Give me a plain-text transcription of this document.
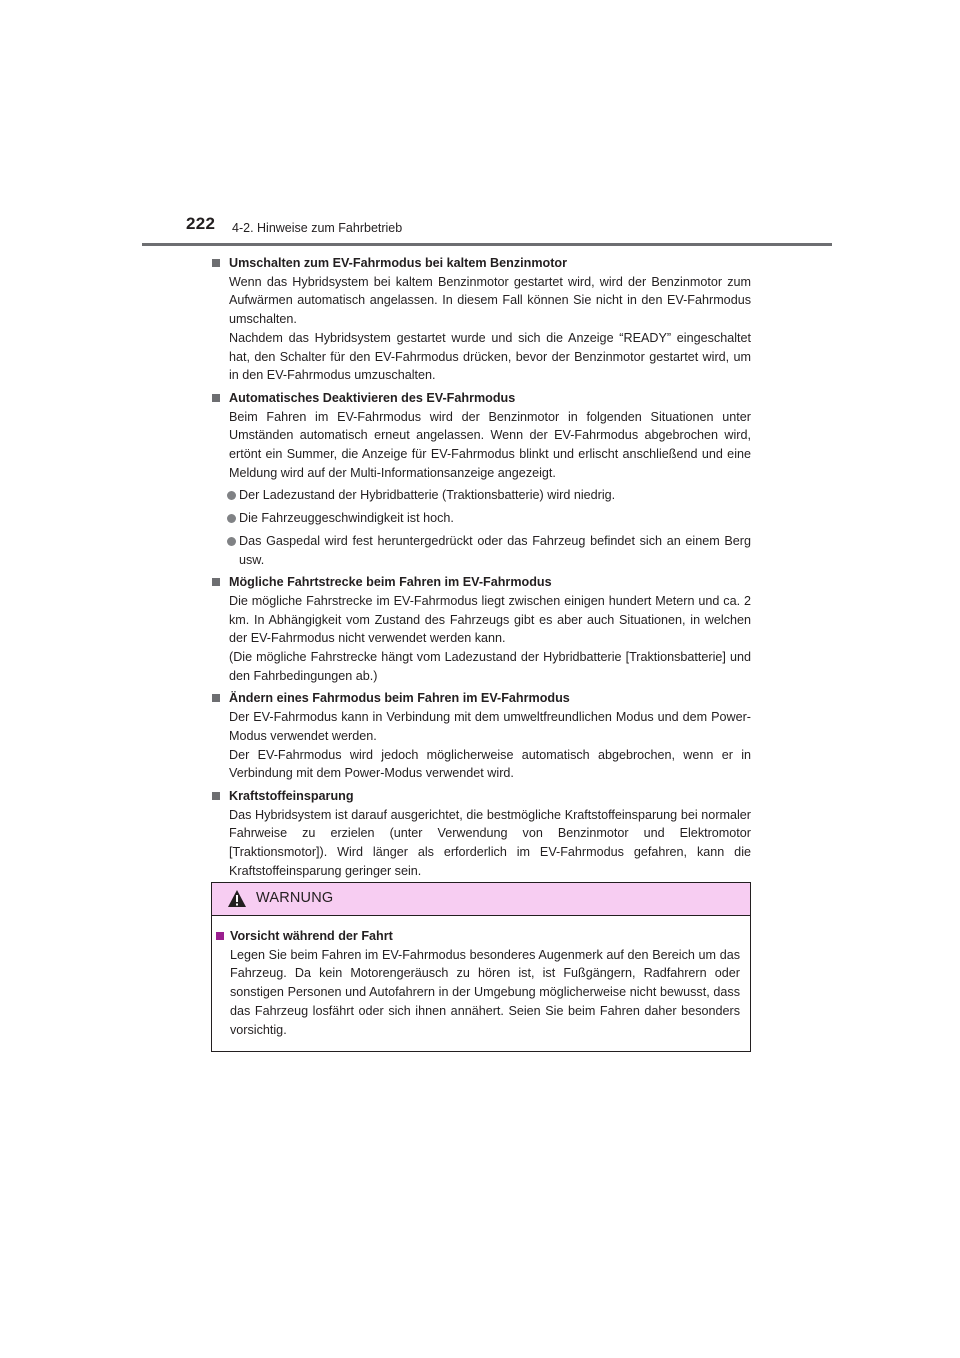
222 4-2. Hinweise zum Fahrbetrieb
Umschalten zum EV-Fahrmodus bei kaltem Benzinmotor

Wenn das Hybridsystem bei kaltem Benzinmotor gestartet wird, wird der Benzinmotor zum Aufwärmen automatisch angelassen. In diesem Fall können Sie nicht in den EV-Fahrmodus umschalten.

Nachdem das Hybridsystem gestartet wurde und sich die Anzeige “READY” eingeschaltet hat, den Schalter für den EV-Fahrmodus drücken, bevor der Benzinmotor gestartet wird, um in den EV-Fahrmodus umzuschalten.

Automatisches Deaktivieren des EV-Fahrmodus

Beim Fahren im EV-Fahrmodus wird der Benzinmotor in folgenden Situationen unter Umständen automatisch erneut angelassen. Wenn der EV-Fahrmodus abgebrochen wird, ertönt ein Summer, die Anzeige für EV-Fahrmodus blinkt und erlischt anschließend und eine Meldung wird auf der Multi-Informationsanzeige angezeigt.

Der Ladezustand der Hybridbatterie (Traktionsbatterie) wird niedrig.
Die Fahrzeuggeschwindigkeit ist hoch.
Das Gaspedal wird fest heruntergedrückt oder das Fahrzeug befindet sich an einem Berg usw.
Mögliche Fahrtstrecke beim Fahren im EV-Fahrmodus

Die mögliche Fahrstrecke im EV-Fahrmodus liegt zwischen einigen hundert Metern und ca. 2 km. In Abhängigkeit vom Zustand des Fahrzeugs gibt es aber auch Situationen, in welchen der EV-Fahrmodus nicht verwendet werden kann.

(Die mögliche Fahrstrecke hängt vom Ladezustand der Hybridbatterie [Traktionsbatterie] und den Fahrbedingungen ab.)

Ändern eines Fahrmodus beim Fahren im EV-Fahrmodus

Der EV-Fahrmodus kann in Verbindung mit dem umweltfreundlichen Modus und dem Power-Modus verwendet werden.

Der EV-Fahrmodus wird jedoch möglicherweise automatisch abgebrochen, wenn er in Verbindung mit dem Power-Modus verwendet wird.

Kraftstoffeinsparung

Das Hybridsystem ist darauf ausgerichtet, die bestmögliche Kraftstoffeinsparung bei normaler Fahrweise zu erzielen (unter Verwendung von Benzinmotor und Elektromotor [Traktionsmotor]). Wird länger als erforderlich im EV-Fahrmodus gefahren, kann die Kraftstoffeinsparung geringer sein.

WARNUNG
Vorsicht während der Fahrt

Legen Sie beim Fahren im EV-Fahrmodus besonderes Augenmerk auf den Bereich um das Fahrzeug. Da kein Motorengeräusch zu hören ist, ist Fußgängern, Radfahrern oder sonstigen Personen und Autofahrern in der Umgebung möglicherweise nicht bewusst, dass das Fahrzeug losfährt oder sich ihnen annähert. Seien Sie beim Fahren daher besonders vorsichtig.
